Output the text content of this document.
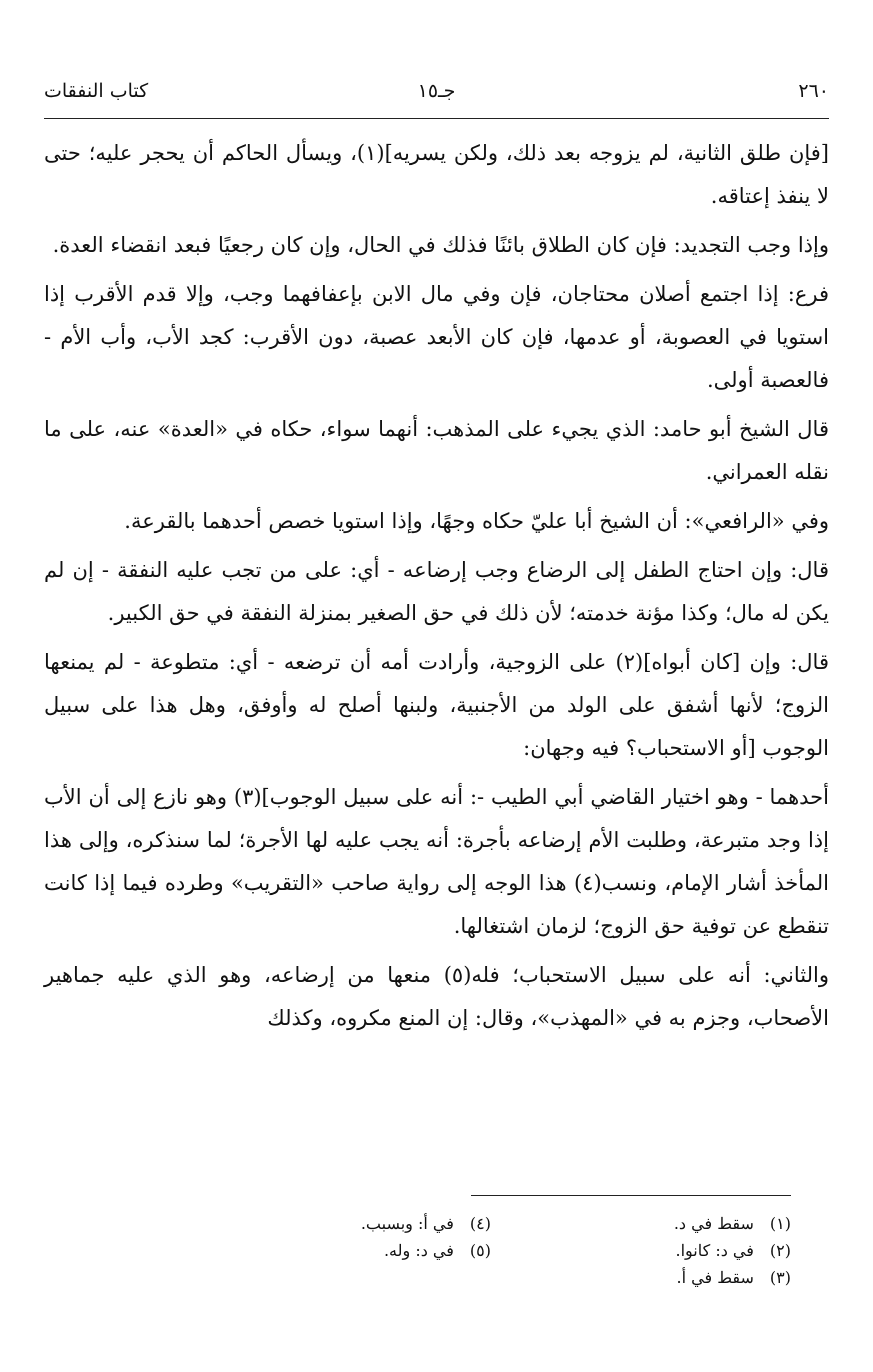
٢٦٠
جـ١٥
كتاب النفقات

[فإن طلق الثانية، لم يزوجه بعد ذلك، ولكن يسريه](١)، ويسأل الحاكم أن يحجر عليه؛ حتى لا ينفذ إعتاقه.

وإذا وجب التجديد: فإن كان الطلاق بائنًا فذلك في الحال، وإن كان رجعيًا فبعد انقضاء العدة.

فرع: إذا اجتمع أصلان محتاجان، فإن وفي مال الابن بإعفافهما وجب، وإلا قدم الأقرب إذا استويا في العصوبة، أو عدمها، فإن كان الأبعد عصبة، دون الأقرب: كجد الأب، وأب الأم - فالعصبة أولى.

قال الشيخ أبو حامد: الذي يجيء على المذهب: أنهما سواء، حكاه في «العدة» عنه، على ما نقله العمراني.

وفي «الرافعي»: أن الشيخ أبا عليّ حكاه وجهًا، وإذا استويا خصص أحدهما بالقرعة.

قال: وإن احتاج الطفل إلى الرضاع وجب إرضاعه - أي: على من تجب عليه النفقة - إن لم يكن له مال؛ وكذا مؤنة خدمته؛ لأن ذلك في حق الصغير بمنزلة النفقة في حق الكبير.

قال: وإن [كان أبواه](٢) على الزوجية، وأرادت أمه أن ترضعه - أي: متطوعة - لم يمنعها الزوج؛ لأنها أشفق على الولد من الأجنبية، ولبنها أصلح له وأوفق، وهل هذا على سبيل الوجوب [أو الاستحباب؟ فيه وجهان:

أحدهما - وهو اختيار القاضي أبي الطيب -: أنه على سبيل الوجوب](٣) وهو نازع إلى أن الأب إذا وجد متبرعة، وطلبت الأم إرضاعه بأجرة: أنه يجب عليه لها الأجرة؛ لما سنذكره، وإلى هذا المأخذ أشار الإمام، ونسب(٤) هذا الوجه إلى رواية صاحب «التقريب» وطرده فيما إذا كانت تنقطع عن توفية حق الزوج؛ لزمان اشتغالها.

والثاني: أنه على سبيل الاستحباب؛ فله(٥) منعها من إرضاعه، وهو الذي عليه جماهير الأصحاب، وجزم به في «المهذب»، وقال: إن المنع مكروه، وكذلك

(١) سقط في د.
(٢) في د: كانوا.
(٣) سقط في أ.
(٤) في أ: وبسبب.
(٥) في د: وله.
